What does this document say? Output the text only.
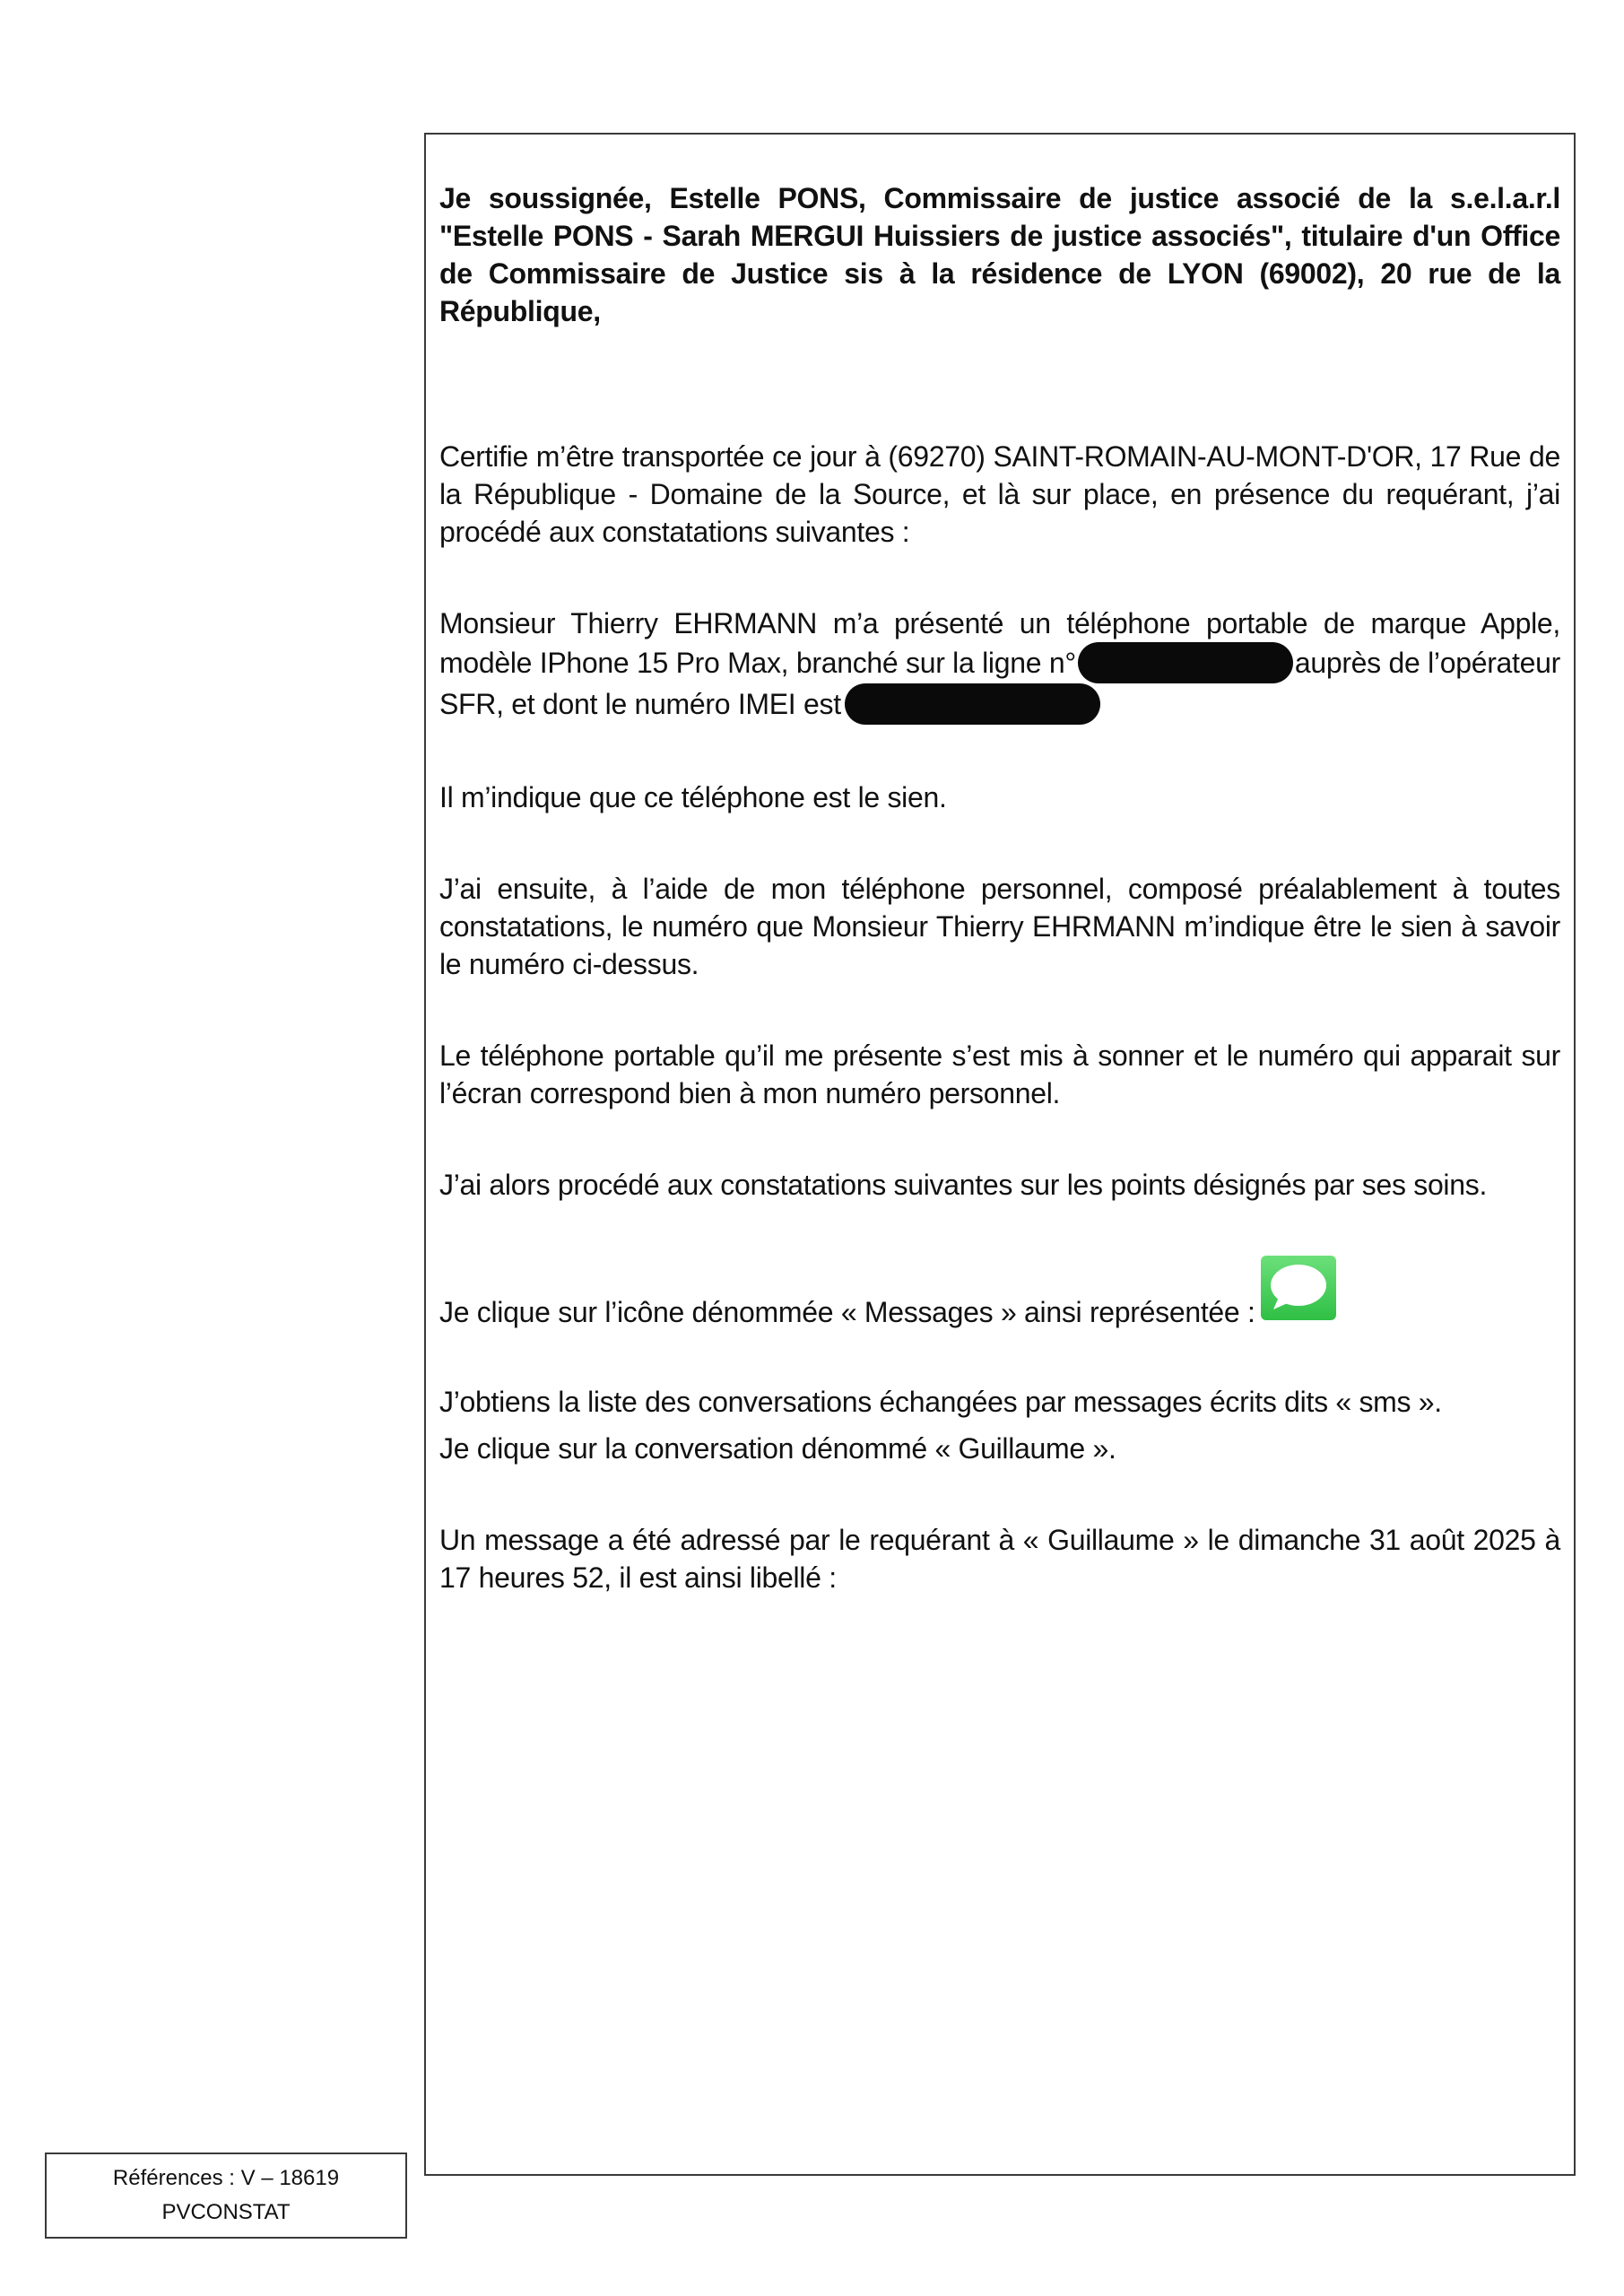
Je soussignée, Estelle PONS, Commissaire de justice associé de la s.e.l.a.r.l "Estelle PONS - Sarah MERGUI Huissiers de justice associés", titulaire d'un Office de Commissaire de Justice sis à la résidence de LYON (69002), 20 rue de la République,

Certifie m’être transportée ce jour à (69270) SAINT-ROMAIN-AU-MONT-D'OR, 17 Rue de la République - Domaine de la Source, et là sur place, en présence du requérant, j’ai procédé aux constatations suivantes :

Monsieur Thierry EHRMANN m’a présenté un téléphone portable de marque Apple, modèle IPhone 15 Pro Max, branché sur la ligne n°	auprès de l’opérateur SFR, et dont le numéro IMEI est

Il m’indique que ce téléphone est le sien.

J’ai ensuite, à l’aide de mon téléphone personnel, composé préalablement à toutes constatations, le numéro que Monsieur Thierry EHRMANN m’indique être le sien à savoir le numéro ci-dessus.

Le téléphone portable qu’il me présente s’est mis à sonner et le numéro qui apparait sur l’écran correspond bien à mon numéro personnel.

J’ai alors procédé aux constatations suivantes sur les points désignés par ses soins.

Je clique sur l’icône dénommée « Messages » ainsi représentée :

J’obtiens la liste des conversations échangées par messages écrits dits « sms ».

Je clique sur la conversation dénommé « Guillaume ».

Un message a été adressé par le requérant à « Guillaume » le dimanche 31 août 2025 à 17 heures 52, il est ainsi libellé :

Références : V – 18619
PVCONSTAT
